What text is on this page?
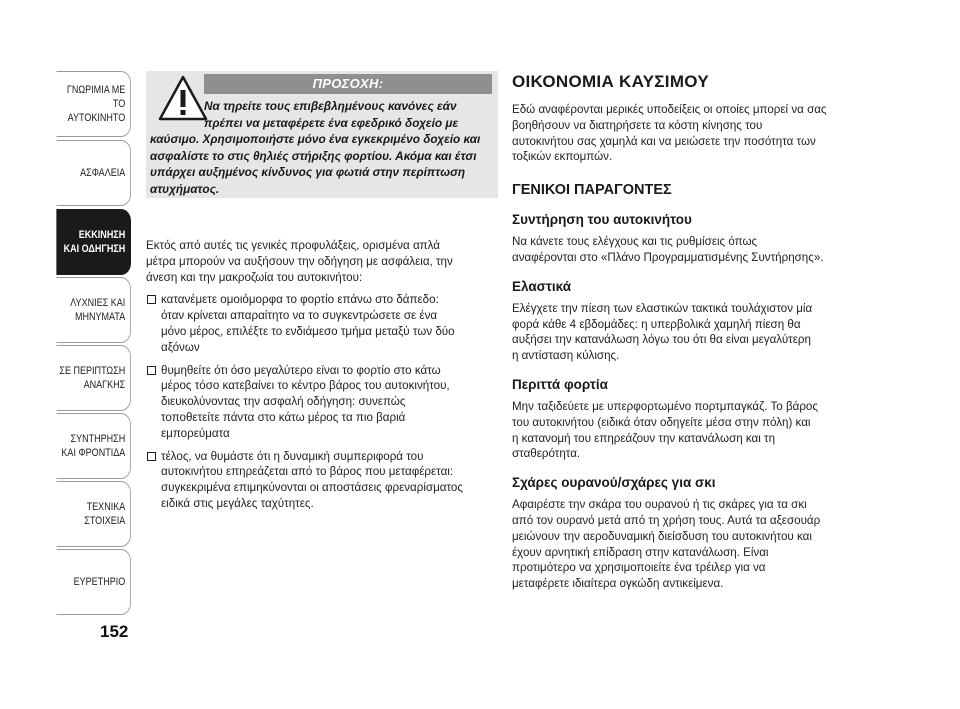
ΓΝΩΡΙΜΙΑ ΜΕ
ΤΟ ΑΥΤΟΚΙΝΗΤΟ
ΑΣΦΑΛΕΙΑ
ΕΚΚΙΝΗΣΗ
ΚΑΙ ΟΔΗΓΗΣΗ
ΛΥΧΝΙΕΣ ΚΑΙ
ΜΗΝΥΜΑΤΑ
ΣΕ ΠΕΡΙΠΤΩΣΗ
ΑΝΑΓΚΗΣ
ΣΥΝΤΗΡΗΣΗ
ΚΑΙ ΦΡΟΝΤΙΔΑ
ΤΕΧΝΙΚΑ
ΣΤΟΙΧΕΙΑ
ΕΥΡΕΤΗΡΙΟ
152
ΠΡΟΣΟΧΗ:
Να τηρείτε τους επιβεβλημένους κανόνες εάν
πρέπει να μεταφέρετε ένα εφεδρικό δοχείο με
καύσιμο. Χρησιμοποιήστε μόνο ένα εγκεκριμένο δοχείο και
ασφαλίστε το στις θηλιές στήριξης φορτίου. Ακόμα και έτσι
υπάρχει αυξημένος κίνδυνος για φωτιά στην περίπτωση
ατυχήματος.
Εκτός από αυτές τις γενικές προφυλάξεις, ορισμένα απλά
μέτρα μπορούν να αυξήσουν την οδήγηση με ασφάλεια, την
άνεση και την μακροζωία του αυτοκινήτου:
κατανέμετε ομοιόμορφα το φορτίο επάνω στο δάπεδο:
όταν κρίνεται απαραίτητο να το συγκεντρώσετε σε ένα
μόνο μέρος, επιλέξτε το ενδιάμεσο τμήμα μεταξύ των δύο
αξόνων
θυμηθείτε ότι όσο μεγαλύτερο είναι το φορτίο στο κάτω
μέρος τόσο κατεβαίνει το κέντρο βάρος του αυτοκινήτου,
διευκολύνοντας την ασφαλή οδήγηση: συνεπώς
τοποθετείτε πάντα στο κάτω μέρος τα πιο βαριά
εμπορεύματα
τέλος, να θυμάστε ότι η δυναμική συμπεριφορά του
αυτοκινήτου επηρεάζεται από το βάρος που μεταφέρεται:
συγκεκριμένα επιμηκύνονται οι αποστάσεις φρεναρίσματος
ειδικά στις μεγάλες ταχύτητες.
ΟΙΚΟΝΟΜΙΑ ΚΑΥΣΙΜΟΥ
Εδώ αναφέρονται μερικές υποδείξεις οι οποίες μπορεί να σας
βοηθήσουν να διατηρήσετε τα κόστη κίνησης του
αυτοκινήτου σας χαμηλά και να μειώσετε την ποσότητα των
τοξικών εκπομπών.
ΓΕΝΙΚΟΙ ΠΑΡΑΓΟΝΤΕΣ
Συντήρηση του αυτοκινήτου
Να κάνετε τους ελέγχους και τις ρυθμίσεις όπως
αναφέρονται στο «Πλάνο Προγραμματισμένης Συντήρησης».
Ελαστικά
Ελέγχετε την πίεση των ελαστικών τακτικά τουλάχιστον μία
φορά κάθε 4 εβδομάδες: η υπερβολικά χαμηλή πίεση θα
αυξήσει την κατανάλωση λόγω του ότι θα είναι μεγαλύτερη
η αντίσταση κύλισης.
Περιττά φορτία
Μην ταξιδεύετε με υπερφορτωμένο πορτμπαγκάζ. Το βάρος
του αυτοκινήτου (ειδικά όταν οδηγείτε μέσα στην πόλη) και
η κατανομή του επηρεάζουν την κατανάλωση και τη
σταθερότητα.
Σχάρες ουρανού/σχάρες για σκι
Αφαιρέστε την σκάρα του ουρανού ή τις σκάρες για τα σκι
από τον ουρανό μετά από τη χρήση τους. Αυτά τα αξεσουάρ
μειώνουν την αεροδυναμική διείσδυση του αυτοκινήτου και
έχουν αρνητική επίδραση στην κατανάλωση. Είναι
προτιμότερο να χρησιμοποιείτε ένα τρέιλερ για να
μεταφέρετε ιδιαίτερα ογκώδη αντικείμενα.
